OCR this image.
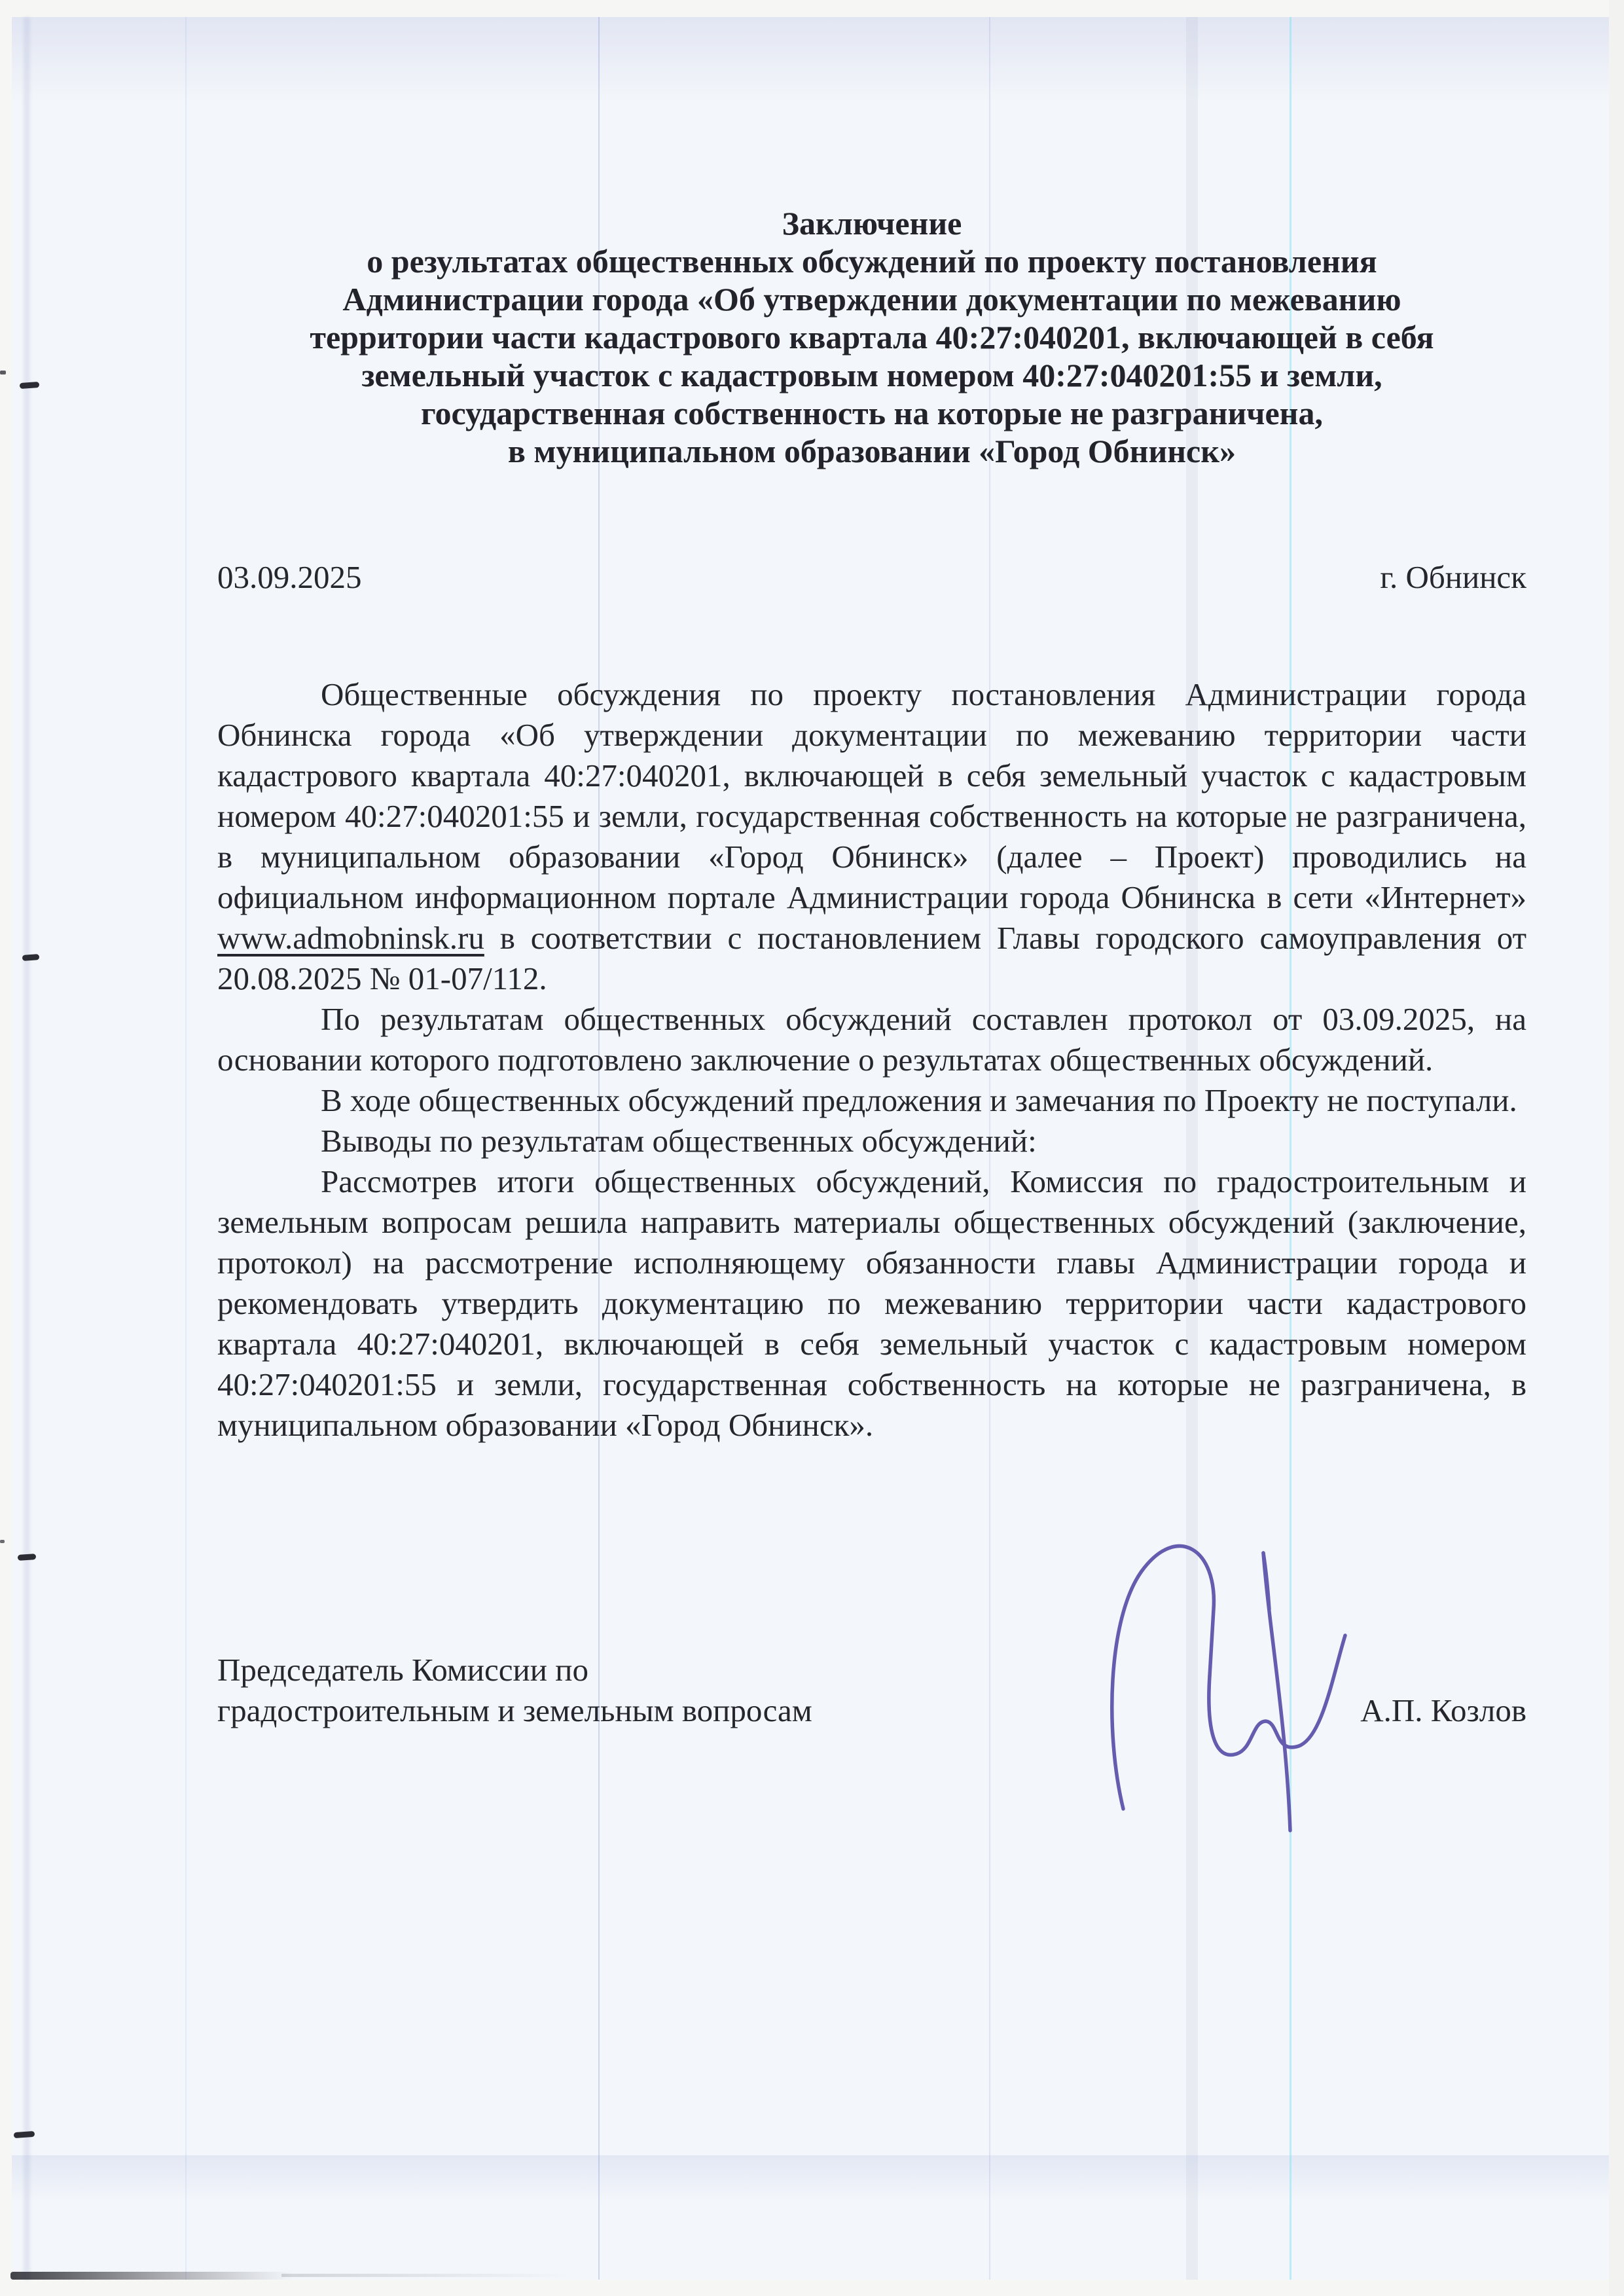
Заключение
о результатах общественных обсуждений по проекту постановления
Администрации города «Об утверждении документации по межеванию
территории части кадастрового квартала 40:27:040201, включающей в себя
земельный участок с кадастровым номером 40:27:040201:55 и земли,
государственная собственность на которые не разграничена,
в муниципальном образовании «Город Обнинск»
03.09.2025	г. Обнинск

Общественные обсуждения по проекту постановления Администрации города Обнинска города «Об утверждении документации по межеванию территории части кадастрового квартала 40:27:040201, включающей в себя земельный участок с кадастровым номером 40:27:040201:55 и земли, государственная собственность на которые не разграничена, в муниципальном образовании «Город Обнинск» (далее – Проект) проводились на официальном информационном портале Администрации города Обнинска в сети «Интернет» www.admobninsk.ru в соответствии с постановлением Главы городского самоуправления от 20.08.2025 № 01-07/112.

По результатам общественных обсуждений составлен протокол от 03.09.2025, на основании которого подготовлено заключение о результатах общественных обсуждений.

В ходе общественных обсуждений предложения и замечания по Проекту не поступали.

Выводы по результатам общественных обсуждений:

Рассмотрев итоги общественных обсуждений, Комиссия по градостроительным и земельным вопросам решила направить материалы общественных обсуждений (заключение, протокол) на рассмотрение исполняющему обязанности главы Администрации города и рекомендовать утвердить документацию по межеванию территории части кадастрового квартала 40:27:040201, включающей в себя земельный участок с кадастровым номером 40:27:040201:55 и земли, государственная собственность на которые не разграничена, в муниципальном образовании «Город Обнинск».

Председатель Комиссии по
градостроительным и земельным вопросам	А.П. Козлов
